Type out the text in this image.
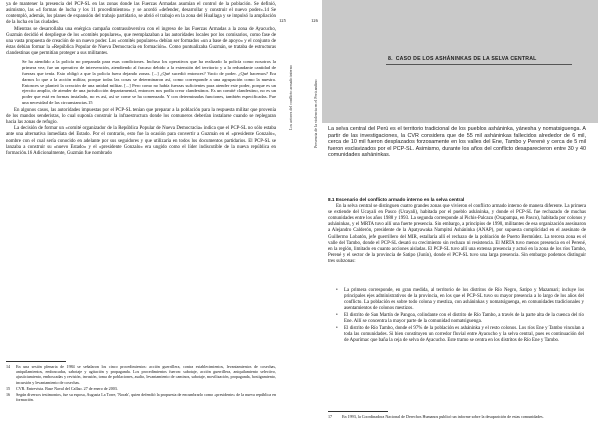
ya de mantener la presencia del PCP-SL en las zonas donde las Fuerzas Armadas asumían el control de la población. Se definió, asimismo, las «4 formas de lucha y los 11 procedimientos» y se acordó «defender, desarrollar y construir el nuevo poder».14 Se contempló, además, los planes de expansión del trabajo partidario, se abrió el trabajo en la zona del Huallaga y se impulsó la ampliación de la lucha en las ciudades.

Mientras se desarrollaba una enérgica campaña contrasubversiva con el ingreso de las Fuerzas Armadas a la zona de Ayacucho, Guzmán decidió el despliegue de los «comités populares», que reemplazaban a las autoridades locales por los comisarios, como fase de una vasta propuesta de creación de un nuevo poder. Los «comités populares» debían ser formados «un a base de apoyo» y el conjunto de éstas debían formar la «República Popular de Nueva Democracia en formación». Como puntualizaba Guzmán, se trataba de estructuras clandestinas que permitían proteger a sus militantes.

Se ha atendido a la policía no preparada para esas condiciones. Incluso los operativos que ha realizado la policía como nosotros la primera vez; fue un operativo de intervención, atendiendo al fracaso debido a la extensión del territorio y a la redundante cantidad de fuerzas que tenía. Esto obligó a que la policía fuera dejando zonas. [...] ¿Qué sucedió entonces? Vacío de poder. ¿Qué hacemos? Era darnos lo que a la acción militar, porque todas las cosas se determinaron así, como corresponde a una agrupación como la nuestra. Entonces se planteó la creación de una unidad militar. [...] Pero como no había fuerzas suficientes para atender este poder, porque es un ejercito amplio, de atender de una jurisdicción departamental, entonces nos podía crear clandestinos. Es un comité clandestino, no es un poder que está en formas instalado, no es así, así se come se ha comenzado. Y con determinadas funciones, también especificadas. Fue una necesidad de las circunstancias.15

En algunos casos, las autoridades impuestas por el PCP-SL tenían que preparar a la población para la respuesta militar que provenía de los mandos senderistas, lo cual suponía construir la infraestructura donde los comuneros deberían instalarse cuando se replegaran hacia las zonas de refugio.

La decisión de formar un «comité organizador de la República Popular de Nueva Democracia» indica que el PCP-SL no sólo estaba ante una alternativa inmediata del Estado. Por el contrario, esto fue la ocasión para convertir a Guzmán en el «presidente Gonzalo», nombre con el cual sería conocido en adelante por sus seguidores y que utilizaría en todos los documentos partidarios. El PCP-SL se lanzaba a construir su «nuevo Estado» y el «presidente Gonzalo» era ungido como el líder indiscutible de la nueva república en formación.16 Adicionalmente, Guzmán fue nombrado

14	En una sesión plenaria de 1984 se señalaron los cinco procedimientos: acción guerrillera, contra establecimientos, levantamientos de cosechas, aniquilamientos, emboscadas, sabotaje y agitación y propaganda. Los procedimientos fueron: sabotaje, acción guerrillera, aniquilamiento selectivo, ajusticiamiento, emboscadas y revisión, invasión, toma de poblaciones, asalto, levantamiento de caminos, sabotaje, movilización, propaganda, hostigamiento, incursión y levantamiento de cosechas.
15	CVR. Entrevista. Base Naval del Callao. 27 de enero de 2003.
16	Según diversos testimonios, fue su esposa, Augusta La Torre, 'Norah', quien defendió la propuesta de encumbrarlo como «presidente» de la nueva república en formación.
125
Los actores del conflicto armado interno	Presencia de la violencia en el Perú andino
126
8. CASO DE LOS ASHÁNINKAS DE LA SELVA CENTRAL
La selva central del Perú es el territorio tradicional de los pueblos asháninka, yánesha y nomatsiguenga. A partir de las investigaciones, la CVR considera que de 55 mil asháninkas fallecidos alrededor de 6 mil, cerca de 10 mil fueron desplazados forzosamente en los valles del Ene, Tambo y Perené y cerca de 5 mil fueron esclavizados por el PCP-SL. Asimismo, durante los años del conflicto desaparecieron entre 30 y 40 comunidades asháninkas.
8.1 Escenario del conflicto armado interno en la selva central

En la selva central se distinguen cuatro grandes zonas que vivieron el conflicto armado interno de manera diferente. La primera se extiende del Ucayali en Pasco (Ucayali), habitada por el pueblo asháninka, y donde el PCP-SL fue rechazado de muchas comunidades entre los años 1988 y 1993. La segunda corresponde al Pichis-Palcazu (Oxapampa, en Pasco), habitada por colonos y asháninkas, y el MRTA tuvo allí una fuerte presencia. Sin embargo, a principios de 1990, militantes de esa organización asesinaron a Alejandro Calderón, presidente de la Apatyawaka Nampitsi Asháninka (ANAP), por supuesta complicidad en el asesinato de Guillermo Lobatón, jefe guerrillero del MIR, estallaría allí el rechazo de la población de Puerto Bermúdez. La tercera zona es el valle del Tambo, donde el PCP-SL desató su crecimiento sin rechazo ni resistencia. El MRTA tuvo menos presencia en el Perené, en la región, limitado en cuanto acciones aisladas. El PCP-SL tuvo allí una extensa presencia y actuó en la zona de los ríos Tambo, Perené y el sector de la provincia de Satipo (Junín), donde el PCP-SL tuvo una larga presencia. Sin embargo podemos distinguir tres subzonas:

•	La primera corresponde, en gran medida, al territorio de los distritos de Río Negro, Satipo y Mazamari; incluye los principales ejes administrativos de la provincia, en los que el PCP-SL tuvo su mayor presencia a lo largo de los años del conflicto. La población es sobre todo colona y mestiza, con asháninkas y nomatsiguenga, en comunidades tradicionales y asentamientos de colonos mestizos.
•	El distrito de San Martín de Pangoa, colindante con el distrito de Río Tambo, a través de la parte alta de la cuenca del río Ene. Allí se concentra la mayor parte de la comunidad nomatsiguenga.
•	El distrito de Río Tambo, donde el 97% de la población es asháninka y el resto colonos. Los ríos Ene y Tambo vinculan a toda las comunidades. Si bien constituyen un corredor fluvial entre Ayacucho y la selva central, pues es continuación del de Apurímac que baña la ceja de selva de Ayacucho. Este tramo se centra en los distritos de Río Ene y Tambo.
17	En 1993, la Coordinadora Nacional de Derechos Humanos publicó un informe sobre la desaparición de estas comunidades.
